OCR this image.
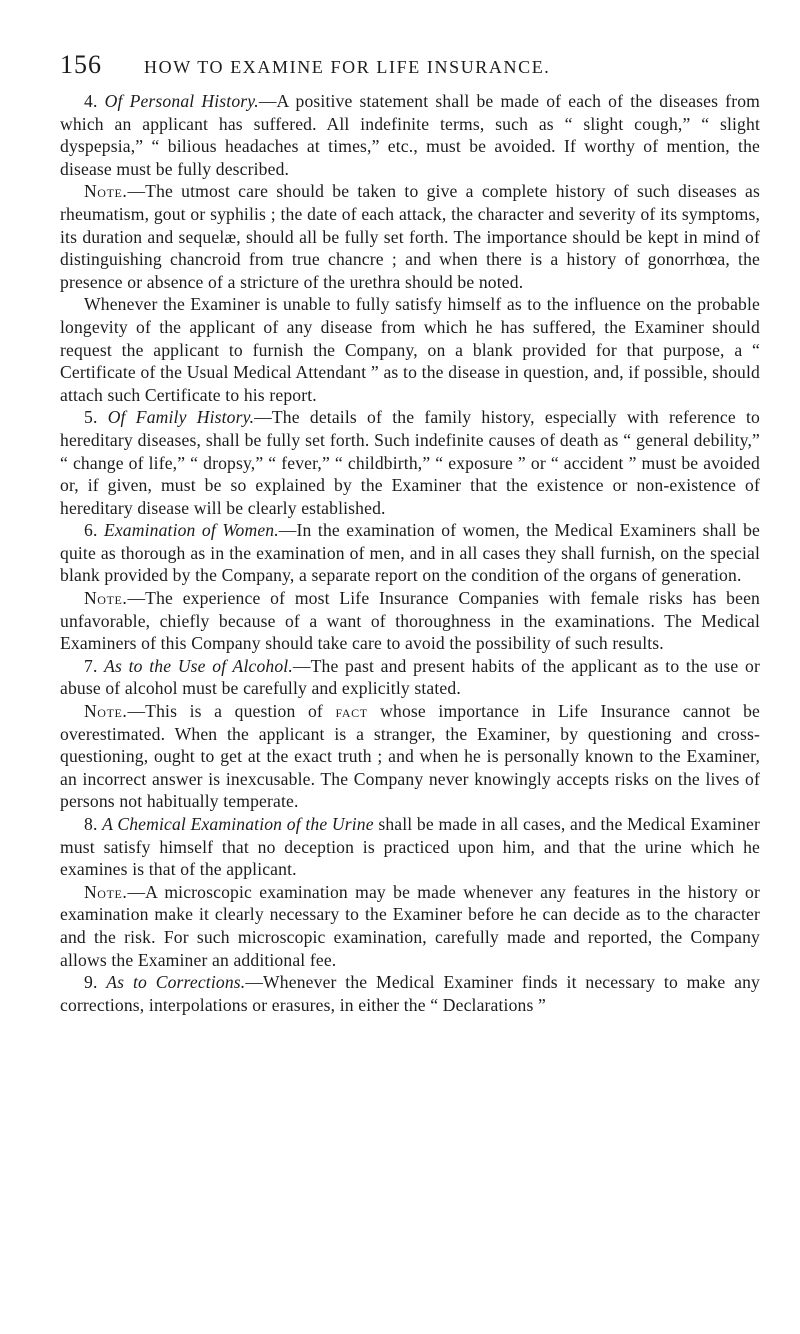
156	HOW TO EXAMINE FOR LIFE INSURANCE.

4. Of Personal History.—A positive statement shall be made of each of the diseases from which an applicant has suffered. All indefinite terms, such as “ slight cough,” “ slight dyspepsia,” “ bilious headaches at times,” etc., must be avoided. If worthy of mention, the disease must be fully described.

Note.—The utmost care should be taken to give a complete history of such diseases as rheumatism, gout or syphilis ; the date of each attack, the character and severity of its symptoms, its duration and sequelæ, should all be fully set forth. The importance should be kept in mind of distinguishing chancroid from true chancre ; and when there is a history of gonorrhœa, the presence or absence of a stricture of the urethra should be noted.

Whenever the Examiner is unable to fully satisfy himself as to the influence on the probable longevity of the applicant of any disease from which he has suffered, the Examiner should request the applicant to furnish the Company, on a blank provided for that purpose, a “ Certificate of the Usual Medical Attendant ” as to the disease in question, and, if possible, should attach such Certificate to his report.

5. Of Family History.—The details of the family history, especially with reference to hereditary diseases, shall be fully set forth. Such indefinite causes of death as “ general debility,” “ change of life,” “ dropsy,” “ fever,” “ childbirth,” “ exposure ” or “ accident ” must be avoided or, if given, must be so explained by the Examiner that the existence or non-existence of hereditary disease will be clearly established.

6. Examination of Women.—In the examination of women, the Medical Examiners shall be quite as thorough as in the examination of men, and in all cases they shall furnish, on the special blank provided by the Company, a separate report on the condition of the organs of generation.

Note.—The experience of most Life Insurance Companies with female risks has been unfavorable, chiefly because of a want of thoroughness in the examinations. The Medical Examiners of this Company should take care to avoid the possibility of such results.

7. As to the Use of Alcohol.—The past and present habits of the applicant as to the use or abuse of alcohol must be carefully and explicitly stated.

Note.—This is a question of fact whose importance in Life Insurance cannot be overestimated. When the applicant is a stranger, the Examiner, by questioning and cross-questioning, ought to get at the exact truth ; and when he is personally known to the Examiner, an incorrect answer is inexcusable. The Company never knowingly accepts risks on the lives of persons not habitually temperate.

8. A Chemical Examination of the Urine shall be made in all cases, and the Medical Examiner must satisfy himself that no deception is practiced upon him, and that the urine which he examines is that of the applicant.

Note.—A microscopic examination may be made whenever any features in the history or examination make it clearly necessary to the Examiner before he can decide as to the character and the risk. For such microscopic examination, carefully made and reported, the Company allows the Examiner an additional fee.

9. As to Corrections.—Whenever the Medical Examiner finds it necessary to make any corrections, interpolations or erasures, in either the “ Declarations ”
